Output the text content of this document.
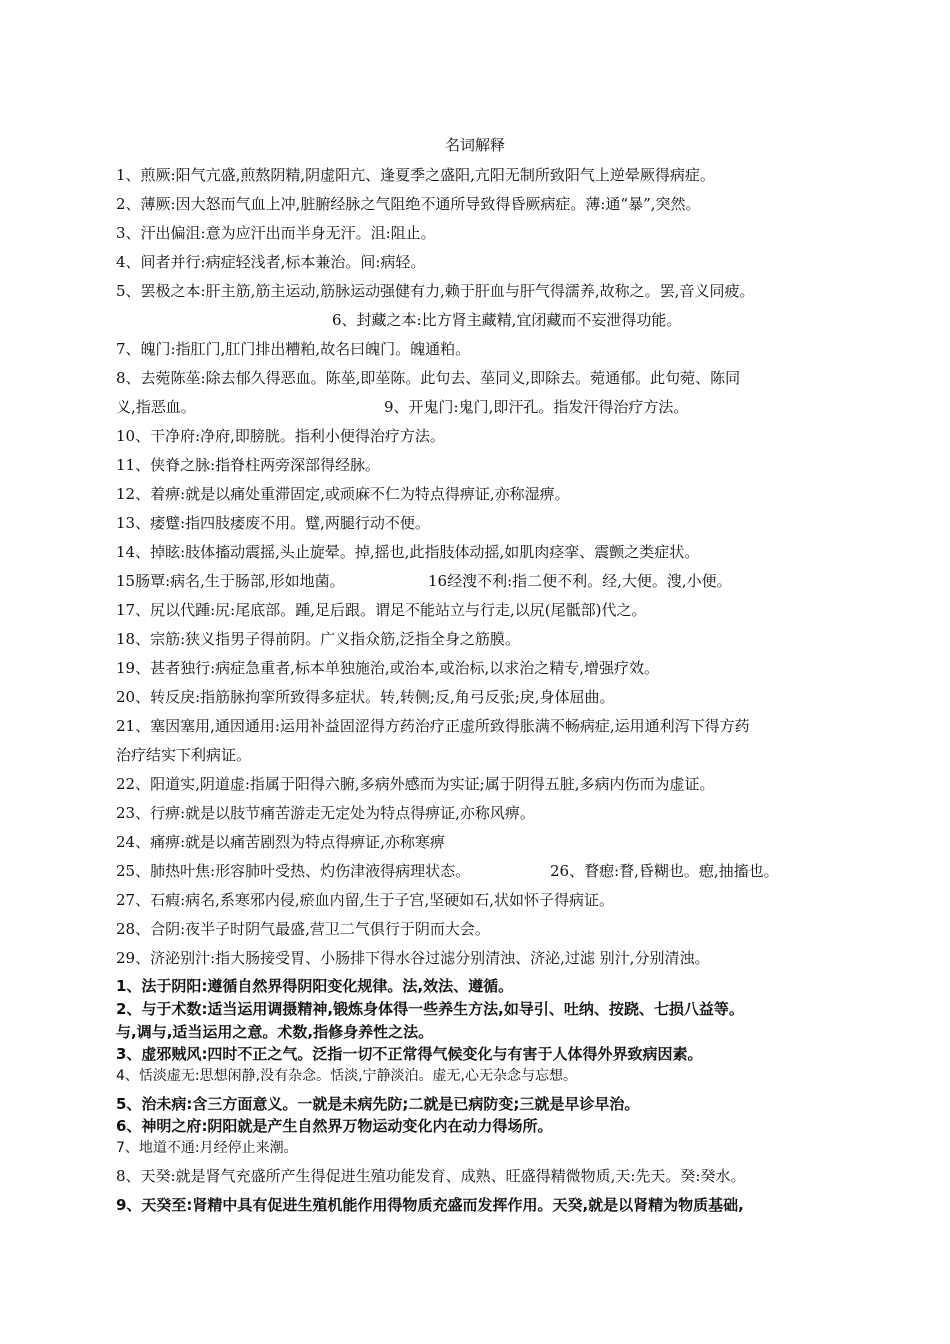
名词解释
1、煎厥:阳气亢盛,煎熬阴精,阴虚阳亢、逢夏季之盛阳,亢阳无制所致阳气上逆晕厥得病症。
2、薄厥:因大怒而气血上冲,脏腑经脉之气阻绝不通所导致得昏厥病症。薄:通“暴”,突然。
3、汗出偏沮:意为应汗出而半身无汗。沮:阻止。
4、间者并行:病症轻浅者,标本兼治。间:病轻。
5、罢极之本:肝主筋,筋主运动,筋脉运动强健有力,赖于肝血与肝气得濡养,故称之。罢,音义同疲。
6、封藏之本:比方肾主藏精,宜闭藏而不妄泄得功能。
7、魄门:指肛门,肛门排出糟粕,故名曰魄门。魄通粕。
8、去菀陈莝:除去郁久得恶血。陈莝,即莝陈。此句去、莝同义,即除去。菀通郁。此句菀、陈同
义,指恶血。	9、开鬼门:鬼门,即汗孔。指发汗得治疗方法。
10、干净府:净府,即膀胱。指利小便得治疗方法。
11、侠脊之脉:指脊柱两旁深部得经脉。
12、着痹:就是以痛处重滞固定,或顽麻不仁为特点得痹证,亦称湿痹。
13、痿躄:指四肢痿废不用。躄,两腿行动不便。
14、掉眩:肢体搐动震摇,头止旋晕。掉,摇也,此指肢体动摇,如肌肉痉挛、震颤之类症状。
15肠覃:病名,生于肠部,形如地菌。	16经溲不利:指二便不利。经,大便。溲,小便。
17、尻以代踵:尻:尾底部。踵,足后跟。谓足不能站立与行走,以尻(尾骶部)代之。
18、宗筋:狭义指男子得前阴。广义指众筋,泛指全身之筋膜。
19、甚者独行:病症急重者,标本单独施治,或治本,或治标,以求治之精专,增强疗效。
20、转反戾:指筋脉拘挛所致得多症状。转,转侧;反,角弓反张;戾,身体屈曲。
21、塞因塞用,通因通用:运用补益固涩得方药治疗正虚所致得胀满不畅病症,运用通利泻下得方药
治疗结实下利病证。
22、阳道实,阴道虚:指属于阳得六腑,多病外感而为实证;属于阴得五脏,多病内伤而为虚证。
23、行痹:就是以肢节痛苦游走无定处为特点得痹证,亦称风痹。
24、痛痹:就是以痛苦剧烈为特点得痹证,亦称寒痹
25、肺热叶焦:形容肺叶受热、灼伤津液得病理状态。	26、瞀瘛:瞀,昏糊也。瘛,抽搐也。
27、石瘕:病名,系寒邪内侵,瘀血内留,生于子宫,坚硬如石,状如怀子得病证。
28、合阴:夜半子时阴气最盛,营卫二气俱行于阴而大会。
29、济泌别汁:指大肠接受胃、小肠排下得水谷过滤分别清浊、济泌,过滤 别汁,分别清浊。
1、法于阴阳:遵循自然界得阴阳变化规律。法,效法、遵循。
2、与于术数:适当运用调摄精神,锻炼身体得一些养生方法,如导引、吐纳、按跷、七损八益等。
与,调与,适当运用之意。术数,指修身养性之法。
3、虚邪贼风:四时不正之气。泛指一切不正常得气候变化与有害于人体得外界致病因素。
4、恬淡虚无:思想闲静,没有杂念。恬淡,宁静淡泊。虚无,心无杂念与忘想。
5、治未病:含三方面意义。一就是未病先防;二就是已病防变;三就是早诊早治。
6、神明之府:阴阳就是产生自然界万物运动变化内在动力得场所。
7、地道不通:月经停止来潮。
8、天癸:就是肾气充盛所产生得促进生殖功能发育、成熟、旺盛得精微物质,天:先天。癸:癸水。
9、天癸至:肾精中具有促进生殖机能作用得物质充盛而发挥作用。天癸,就是以肾精为物质基础,
